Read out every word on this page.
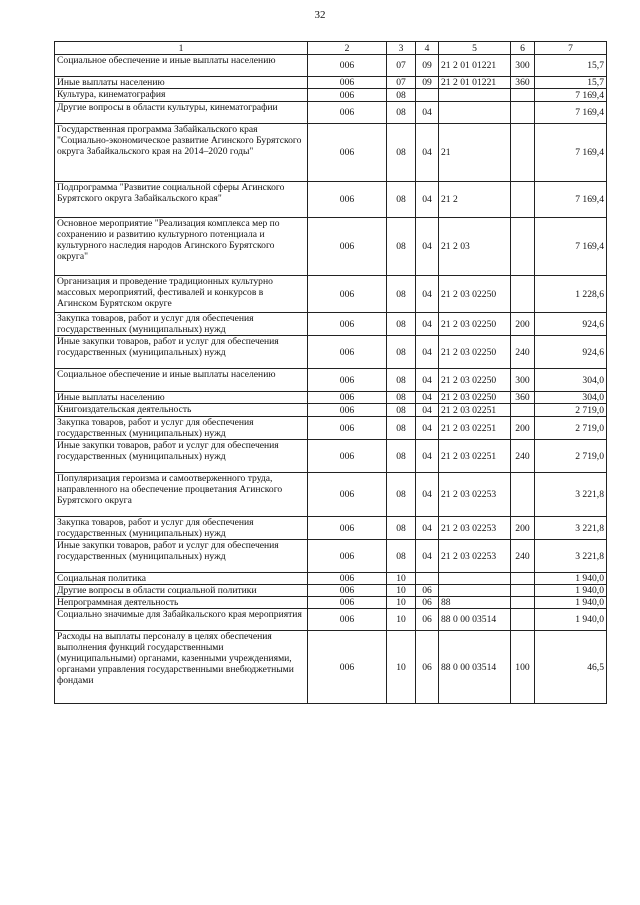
32
1	2	3	4	5	6	7
Социальное обеспечение и иные выплаты населению	006	07	09	21 2 01 01221	300	15,7
Иные выплаты населению	006	07	09	21 2 01 01221	360	15,7
Культура, кинематография	006	08				7 169,4
Другие вопросы в области культуры, кинематографии	006	08	04			7 169,4
Государственная программа Забайкальского края "Социально-экономическое развитие Агинского Бурятского округа Забайкальского края на 2014–2020 годы"	006	08	04	21		7 169,4
Подпрограмма "Развитие социальной сферы Агинского Бурятского округа Забайкальского края"	006	08	04	21 2		7 169,4
Основное мероприятие "Реализация комплекса мер по сохранению и развитию культурного потенциала и культурного наследия народов Агинского Бурятского округа"	006	08	04	21 2 03		7 169,4
Организация и проведение традиционных культурно массовых мероприятий, фестивалей и конкурсов в Агинском Бурятском округе	006	08	04	21 2 03 02250		1 228,6
Закупка товаров, работ и услуг для обеспечения государственных (муниципальных) нужд	006	08	04	21 2 03 02250	200	924,6
Иные закупки товаров, работ и услуг для обеспечения государственных (муниципальных) нужд	006	08	04	21 2 03 02250	240	924,6
Социальное обеспечение и иные выплаты населению	006	08	04	21 2 03 02250	300	304,0
Иные выплаты населению	006	08	04	21 2 03 02250	360	304,0
Книгоиздательская деятельность	006	08	04	21 2 03 02251		2 719,0
Закупка товаров, работ и услуг для обеспечения государственных (муниципальных) нужд	006	08	04	21 2 03 02251	200	2 719,0
Иные закупки товаров, работ и услуг для обеспечения государственных (муниципальных) нужд	006	08	04	21 2 03 02251	240	2 719,0
Популяризация героизма и самоотверженного труда, направленного на обеспечение процветания Агинского Бурятского округа	006	08	04	21 2 03 02253		3 221,8
Закупка товаров, работ и услуг для обеспечения государственных (муниципальных) нужд	006	08	04	21 2 03 02253	200	3 221,8
Иные закупки товаров, работ и услуг для обеспечения государственных (муниципальных) нужд	006	08	04	21 2 03 02253	240	3 221,8
Социальная политика	006	10				1 940,0
Другие вопросы в области социальной политики	006	10	06			1 940,0
Непрограммная деятельность	006	10	06	88		1 940,0
Социально значимые для Забайкальского края мероприятия	006	10	06	88 0 00 03514		1 940,0
Расходы на выплаты персоналу в целях обеспечения выполнения функций государственными (муниципальными) органами, казенными учреждениями, органами управления государственными внебюджетными фондами	006	10	06	88 0 00 03514	100	46,5
